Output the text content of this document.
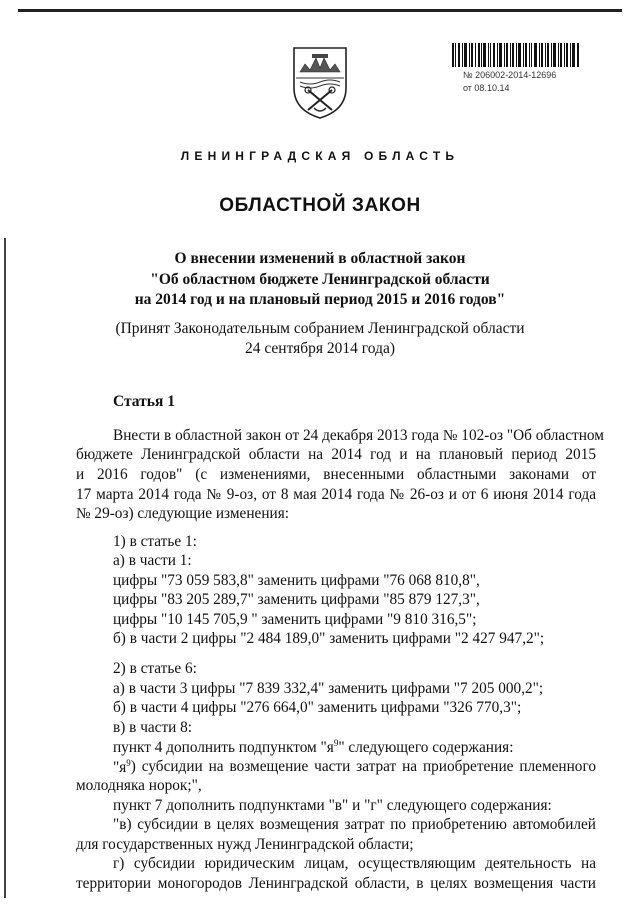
№ 206002-2014-12696
от 08.10.14
ЛЕНИНГРАДСКАЯ ОБЛАСТЬ
ОБЛАСТНОЙ ЗАКОН
О внесении изменений в областной закон
"Об областном бюджете Ленинградской области
на 2014 год и на плановый период 2015 и 2016 годов"
(Принят Законодательным собранием Ленинградской области
24 сентября 2014 года)
Статья 1
Внести в областной закон от 24 декабря 2013 года № 102-оз "Об областном
бюджете Ленинградской области на 2014 год и на плановый период 2015
и 2016 годов" (с изменениями, внесенными областными законами от
17 марта 2014 года № 9-оз, от 8 мая 2014 года № 26-оз и от 6 июня 2014 года
№ 29-оз) следующие изменения:
1) в статье 1:
а) в части 1:
цифры "73 059 583,8" заменить цифрами "76 068 810,8",
цифры "83 205 289,7" заменить цифрами "85 879 127,3",
цифры "10 145 705,9 " заменить цифрами "9 810 316,5";
б) в части 2 цифры "2 484 189,0" заменить цифрами "2 427 947,2";
2) в статье 6:
а) в части 3 цифры "7 839 332,4" заменить цифрами "7 205 000,2";
б) в части 4 цифры "276 664,0" заменить цифрами "326 770,3";
в) в части 8:
пункт 4 дополнить подпунктом "$я^9$" следующего содержания:
"$я^9$ ) субсидии на возмещение части затрат на приобретение племенного
молодняка норок;",
пункт 7 дополнить подпунктами "в" и "г" следующего содержания:
"в) субсидии в целях возмещения затрат по приобретению автомобилей
для государственных нужд Ленинградской области;
г) субсидии юридическим лицам, осуществляющим деятельность на
территории моногородов Ленинградской области, в целях возмещения части
